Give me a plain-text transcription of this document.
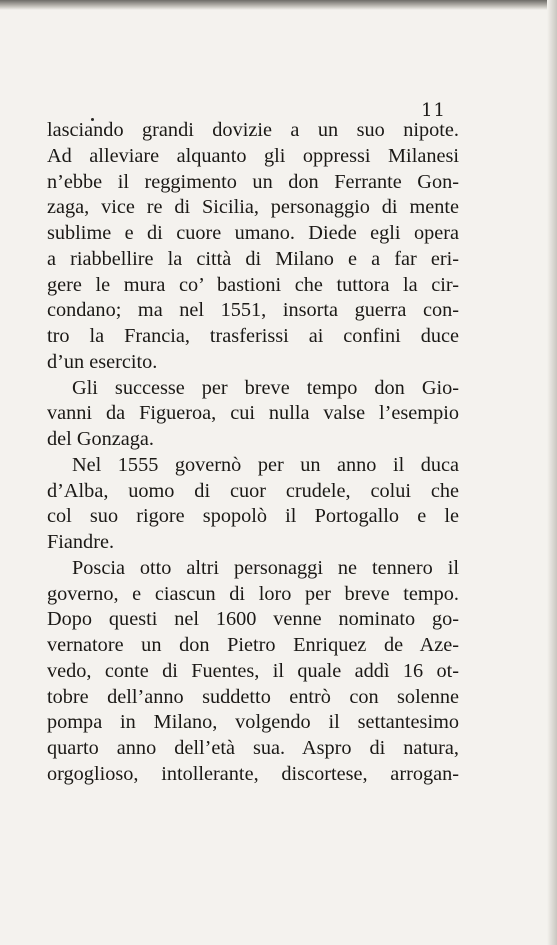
11
lasciando grandi dovizie a un suo nipote.
Ad alleviare alquanto gli oppressi Milanesi
n’ebbe il reggimento un don Ferrante Gon-
zaga, vice re di Sicilia, personaggio di mente
sublime e di cuore umano. Diede egli opera
a riabbellire la città di Milano e a far eri-
gere le mura co’ bastioni che tuttora la cir-
condano; ma nel 1551, insorta guerra con-
tro la Francia, trasferissi ai confini duce
d’un esercito.
Gli successe per breve tempo don Gio-
vanni da Figueroa, cui nulla valse l’esempio
del Gonzaga.
Nel 1555 governò per un anno il duca
d’Alba, uomo di cuor crudele, colui che
col suo rigore spopolò il Portogallo e le
Fiandre.
Poscia otto altri personaggi ne tennero il
governo, e ciascun di loro per breve tempo.
Dopo questi nel 1600 venne nominato go-
vernatore un don Pietro Enriquez de Aze-
vedo, conte di Fuentes, il quale addì 16 ot-
tobre dell’anno suddetto entrò con solenne
pompa in Milano, volgendo il settantesimo
quarto anno dell’età sua. Aspro di natura,
orgoglioso, intollerante, discortese, arrogan-
